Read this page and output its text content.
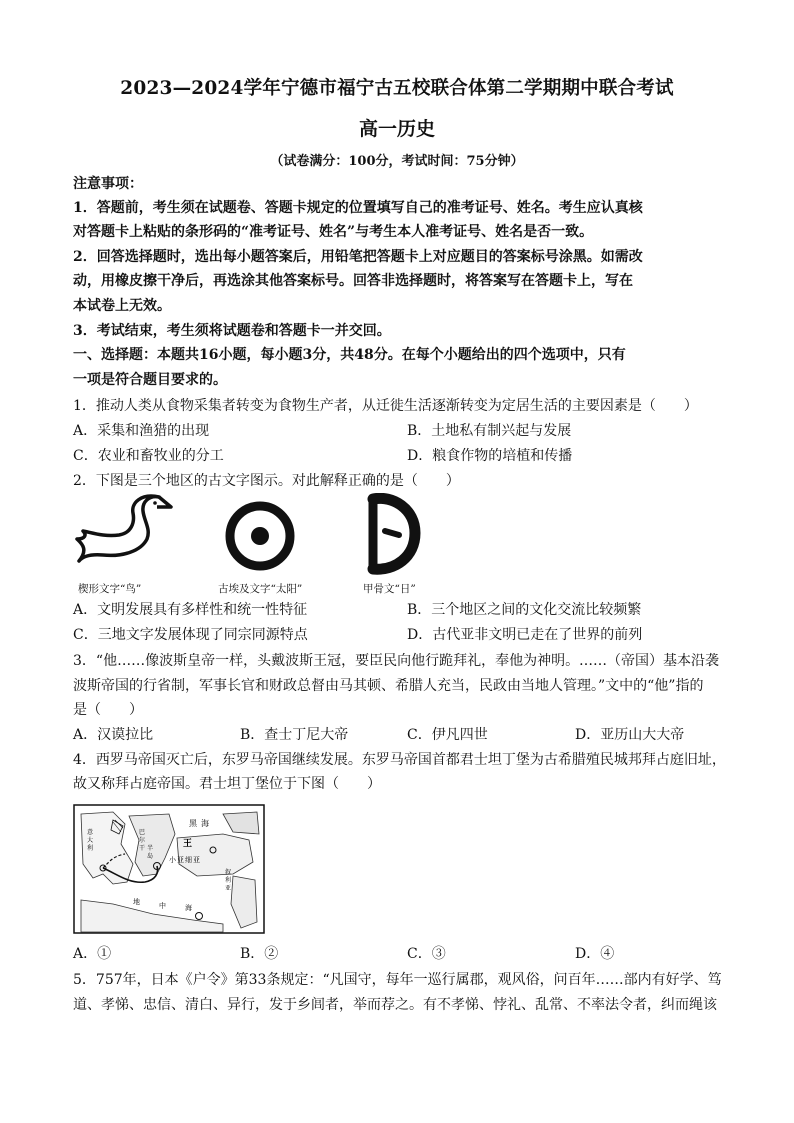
2023—2024学年宁德市福宁古五校联合体第二学期期中联合考试
高一历史
（试卷满分：100分，考试时间：75分钟）
注意事项：
1．答题前，考生须在试题卷、答题卡规定的位置填写自己的准考证号、姓名。考生应认真核
对答题卡上粘贴的条形码的“准考证号、姓名”与考生本人准考证号、姓名是否一致。
2．回答选择题时，选出每小题答案后，用铅笔把答题卡上对应题目的答案标号涂黑。如需改
动，用橡皮擦干净后，再选涂其他答案标号。回答非选择题时，将答案写在答题卡上，写在
本试卷上无效。
3．考试结束，考生须将试题卷和答题卡一并交回。
一、选择题：本题共16小题，每小题3分，共48分。在每个小题给出的四个选项中，只有
一项是符合题目要求的。
1．推动人类从食物采集者转变为食物生产者，从迁徙生活逐渐转变为定居生活的主要因素是（　　）
A．采集和渔猎的出现	B．土地私有制兴起与发展
C．农业和畜牧业的分工	D．粮食作物的培植和传播
2．下图是三个地区的古文字图示。对此解释正确的是（　　）
楔形文字“鸟”	古埃及文字“太阳”	甲骨文“日”
A．文明发展具有多样性和统一性特征	B．三个地区之间的文化交流比较频繁
C．三地文字发展体现了同宗同源特点	D．古代亚非文明已走在了世界的前列
3．“他……像波斯皇帝一样，头戴波斯王冠，要臣民向他行跪拜礼，奉他为神明。……（帝国）基本沿袭
波斯帝国的行省制，军事长官和财政总督由马其顿、希腊人充当，民政由当地人管理。”文中的“他”指的
是（　　）
A．汉谟拉比	B．查士丁尼大帝	C．伊凡四世	D．亚历山大大帝
4．西罗马帝国灭亡后，东罗马帝国继续发展。东罗马帝国首都君士坦丁堡为古希腊殖民城邦拜占庭旧址，
故又称拜占庭帝国。君士坦丁堡位于下图（　　）
巴
尔
干 半
岛 小 亚 细 亚
黑 海
王
地	中	海
叙
利
亚
意
大
利
A．①	B．②	C．③	D．④
5．757年，日本《户令》第33条规定：“凡国守，每年一巡行属郡，观风俗，问百年……部内有好学、笃
道、孝悌、忠信、清白、异行，发于乡闾者，举而荐之。有不孝悌、悖礼、乱常、不率法令者，纠而绳该
